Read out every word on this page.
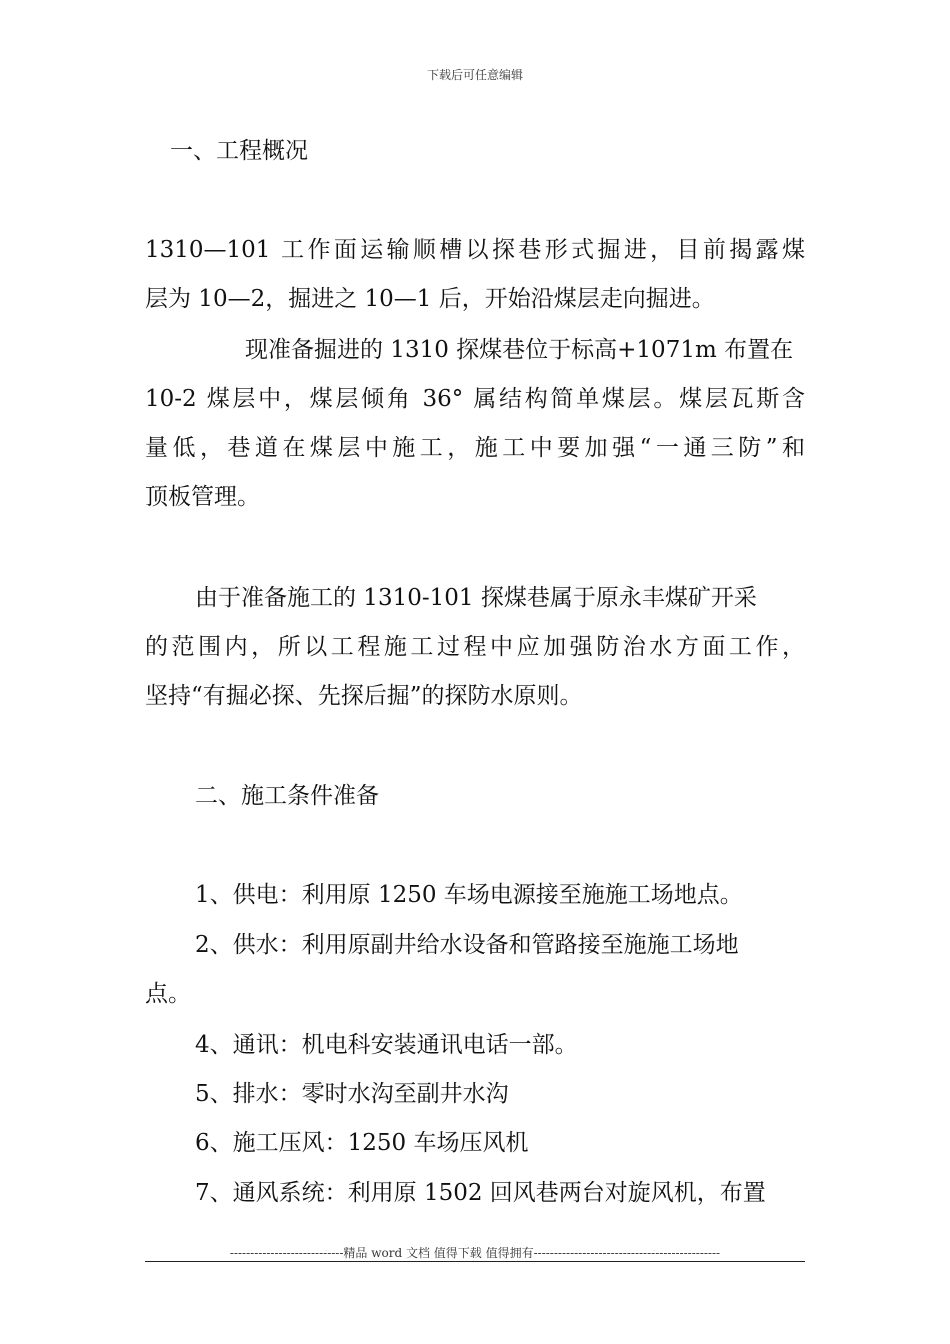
下载后可任意编辑
一、工程概况
1310—101 工作面运输顺槽以探巷形式掘进，目前揭露煤
层为 10—2，掘进之 10—1 后，开始沿煤层走向掘进。
现准备掘进的 1310 探煤巷位于标高+1071m 布置在
10-2 煤层中，煤层倾角 36° 属结构简单煤层。煤层瓦斯含
量低，巷道在煤层中施工，施工中要加强“一通三防”和
顶板管理。
由于准备施工的 1310-101 探煤巷属于原永丰煤矿开采
的范围内，所以工程施工过程中应加强防治水方面工作，
坚持“有掘必探、先探后掘”的探防水原则。
二、施工条件准备
1、供电：利用原 1250 车场电源接至施施工场地点。
2、供水：利用原副井给水设备和管路接至施施工场地
点。
4、通讯：机电科安装通讯电话一部。
5、排水：零时水沟至副井水沟
6、施工压风：1250 车场压风机
7、通风系统：利用原 1502 回风巷两台对旋风机，布置
----------------------------精品 word 文档 值得下载 值得拥有----------------------------------------------
